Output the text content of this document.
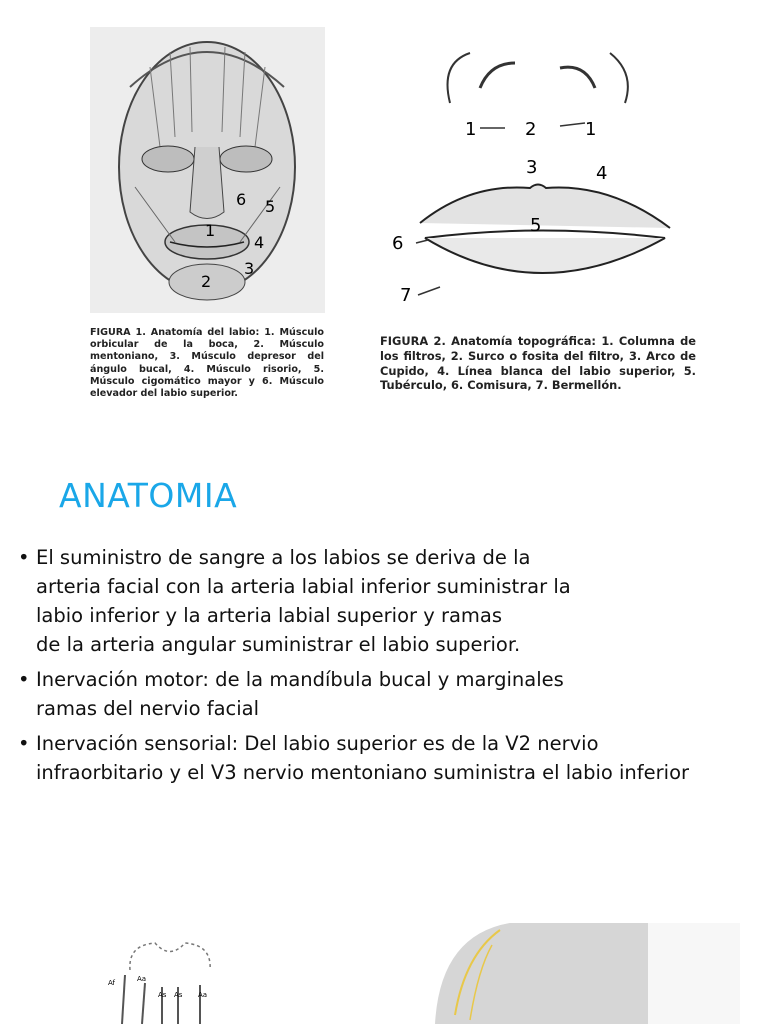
1
2
3
4
5
6
FIGURA 1. Anatomía del labio: 1. Músculo orbicular de la boca, 2. Músculo mentoniano, 3. Músculo depresor del ángulo bucal, 4. Músculo risorio, 5. Músculo cigomático mayor y 6. Músculo elevador del labio superior.
1	2	1
3	4
5
6
7
FIGURA 2. Anatomía topográfica: 1. Columna de los filtros, 2. Surco o fosita del filtro, 3. Arco de Cupido, 4. Línea blanca del labio superior, 5. Tubérculo, 6. Comisura, 7. Bermellón.
ANATOMIA
• El suministro de sangre a los labios se deriva de la
arteria facial con la arteria labial inferior suministrar la
labio inferior y la arteria labial superior y ramas
de la arteria angular suministrar el labio superior.
• Inervación motor: de la mandíbula bucal y marginales
ramas del nervio facial
• Inervación sensorial: Del labio superior es de la V2 nervio
infraorbitario y el V3 nervio mentoniano suministra el labio inferior
Af	Aa
As As Aa
